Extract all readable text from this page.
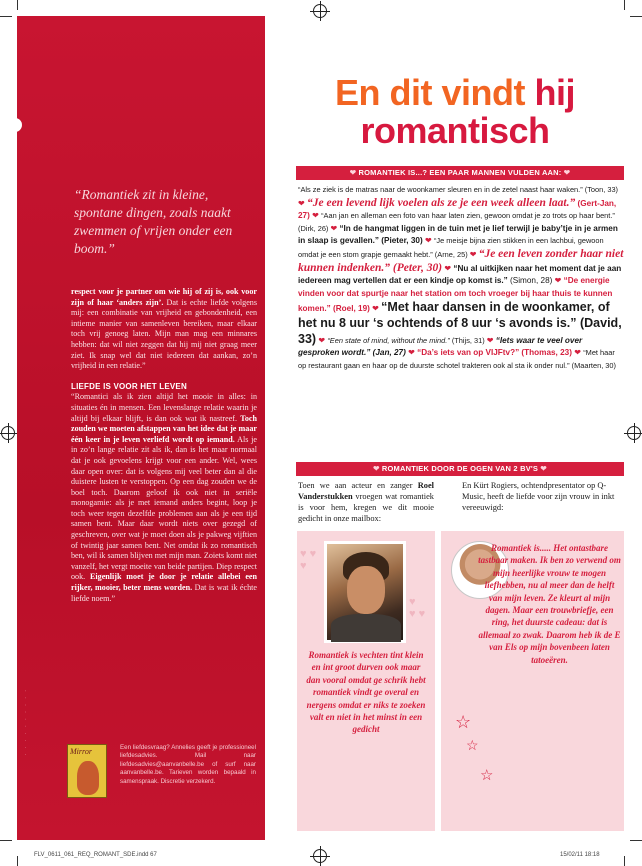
“Romantiek zit in kleine, spontane dingen, zoals naakt zwemmen of vrijen onder een boom.”

respect voor je partner om wie hij of zij is, ook voor zijn of haar ‘anders zijn’. Dat is echte liefde volgens mij: een combinatie van vrijheid en gebondenheid, een intieme manier van samenleven bereiken, maar elkaar toch vrij genoeg laten. Mijn man mag een minnares hebben: dat wil niet zeggen dat hij mij niet graag meer ziet. Ik snap wel dat niet iedereen dat aankan, zo’n vrijheid in een relatie.”

LIEFDE IS VOOR HET LEVEN

“Romantici als ik zien altijd het mooie in alles: in situaties én in mensen. Een levenslange relatie waarin je altijd bij elkaar blijft, is dan ook wat ik nastreef. Toch zouden we moeten afstappen van het idee dat je maar één keer in je leven verliefd wordt op iemand. Als je in zo’n lange relatie zit als ik, dan is het maar normaal dat je ook gevoelens krijgt voor een ander. Wel, wees daar open over: dat is volgens mij veel beter dan al die duistere lusten te verstoppen. Op een dag zouden we de boel toch. Daarom geloof ik ook niet in seriële monogamie: als je met iemand anders begint, loop je toch weer tegen dezelfde problemen aan als je een tijd samen bent. Maar daar wordt niets over gezegd of geschreven, over wat je moet doen als je pakweg vijftien of twintig jaar samen bent. Net omdat ik zo romantisch ben, wil ik samen blijven met mijn man. Zoiets komt niet vanzelf, het vergt moeite van beide partijen. Diep respect ook. Eigenlijk moet je door je relatie allebei een rijker, mooier, beter mens worden. Dat is wat ik échte liefde noem.”

· · · · · · · · · ·	Mirror	Een liefdesvraag? Annelies geeft je professioneel liefdesadvies. Mail naar liefdesadvies@aanvanbelle.be of surf naar aanvanbelle.be. Tarieven worden bepaald in samenspraak. Discretie verzekerd.
En dit vindt hij
romantisch
❤ ROMANTIEK IS...? EEN PAAR MANNEN VULDEN AAN: ❤
“Als ze ziek is de matras naar de woonkamer sleuren en in de zetel naast haar waken.” (Toon, 33) ❤ “Je een levend lijk voelen als ze je een week alleen laat.” (Gert-Jan, 27) ❤ “Aan jan en alleman een foto van haar laten zien, gewoon omdat je zo trots op haar bent.” (Dirk, 26) ❤ “In de hangmat liggen in de tuin met je lief terwijl je baby’tje in je armen in slaap is gevallen.” (Pieter, 30) ❤ “Je meisje bijna zien stikken in een lachbui, gewoon omdat je een stom grapje gemaakt hebt.” (Arne, 25) ❤ “Je een leven zonder haar niet kunnen indenken.” (Peter, 30) ❤ “Nu al uitkijken naar het moment dat je aan iedereen mag vertellen dat er een kindje op komst is.” (Simon, 28) ❤ “De energie vinden voor dat spurtje naar het station om toch vroeger bij haar thuis te kunnen komen.” (Roel, 19) ❤ “Met haar dansen in de woonkamer, of het nu 8 uur ‘s ochtends of 8 uur ‘s avonds is.” (David, 33) ❤ “Een state of mind, without the mind.” (Thijs, 31) ❤ “Iets waar te veel over gesproken wordt.” (Jan, 27) ❤ “Da’s iets van op VIJFtv?” (Thomas, 23) ❤ “Met haar op restaurant gaan en haar op de duurste schotel trakteren ook al sta ik onder nul.” (Maarten, 30)
❤ ROMANTIEK DOOR DE OGEN VAN 2 BV'S ❤
Toen we aan acteur en zanger Roel Vanderstukken vroegen wat romantiek is voor hem, kregen we dit mooie gedicht in onze mailbox:
En Kürt Rogiers, ochtendpresentator op Q-Music, heeft de liefde voor zijn vrouw in inkt vereeuwigd:
♥ ♥
♥
♥
♥ ♥
Romantiek is vechten tint klein en int groot durven ook maar dan vooral omdat ge schrik hebt romantiek vindt ge overal en nergens omdat er niks te zoeken valt en niet in het minst in een gedicht
Romantiek is..... Het ontastbare tastbaar maken. Ik ben zo verwend om mijn heerlijke vrouw te mogen liefhebben, nu al meer dan de helft van mijn leven. Ze kleurt al mijn dagen. Maar een trouwbriefje, een ring, het duurste cadeau: dat is allemaal zo zwak. Daarom heb ik de E van Els op mijn bovenbeen laten tatoeëren.
☆
☆
☆
FLV_0611_061_REQ_ROMANT_SDE.indd 67	15/02/11 18:18
